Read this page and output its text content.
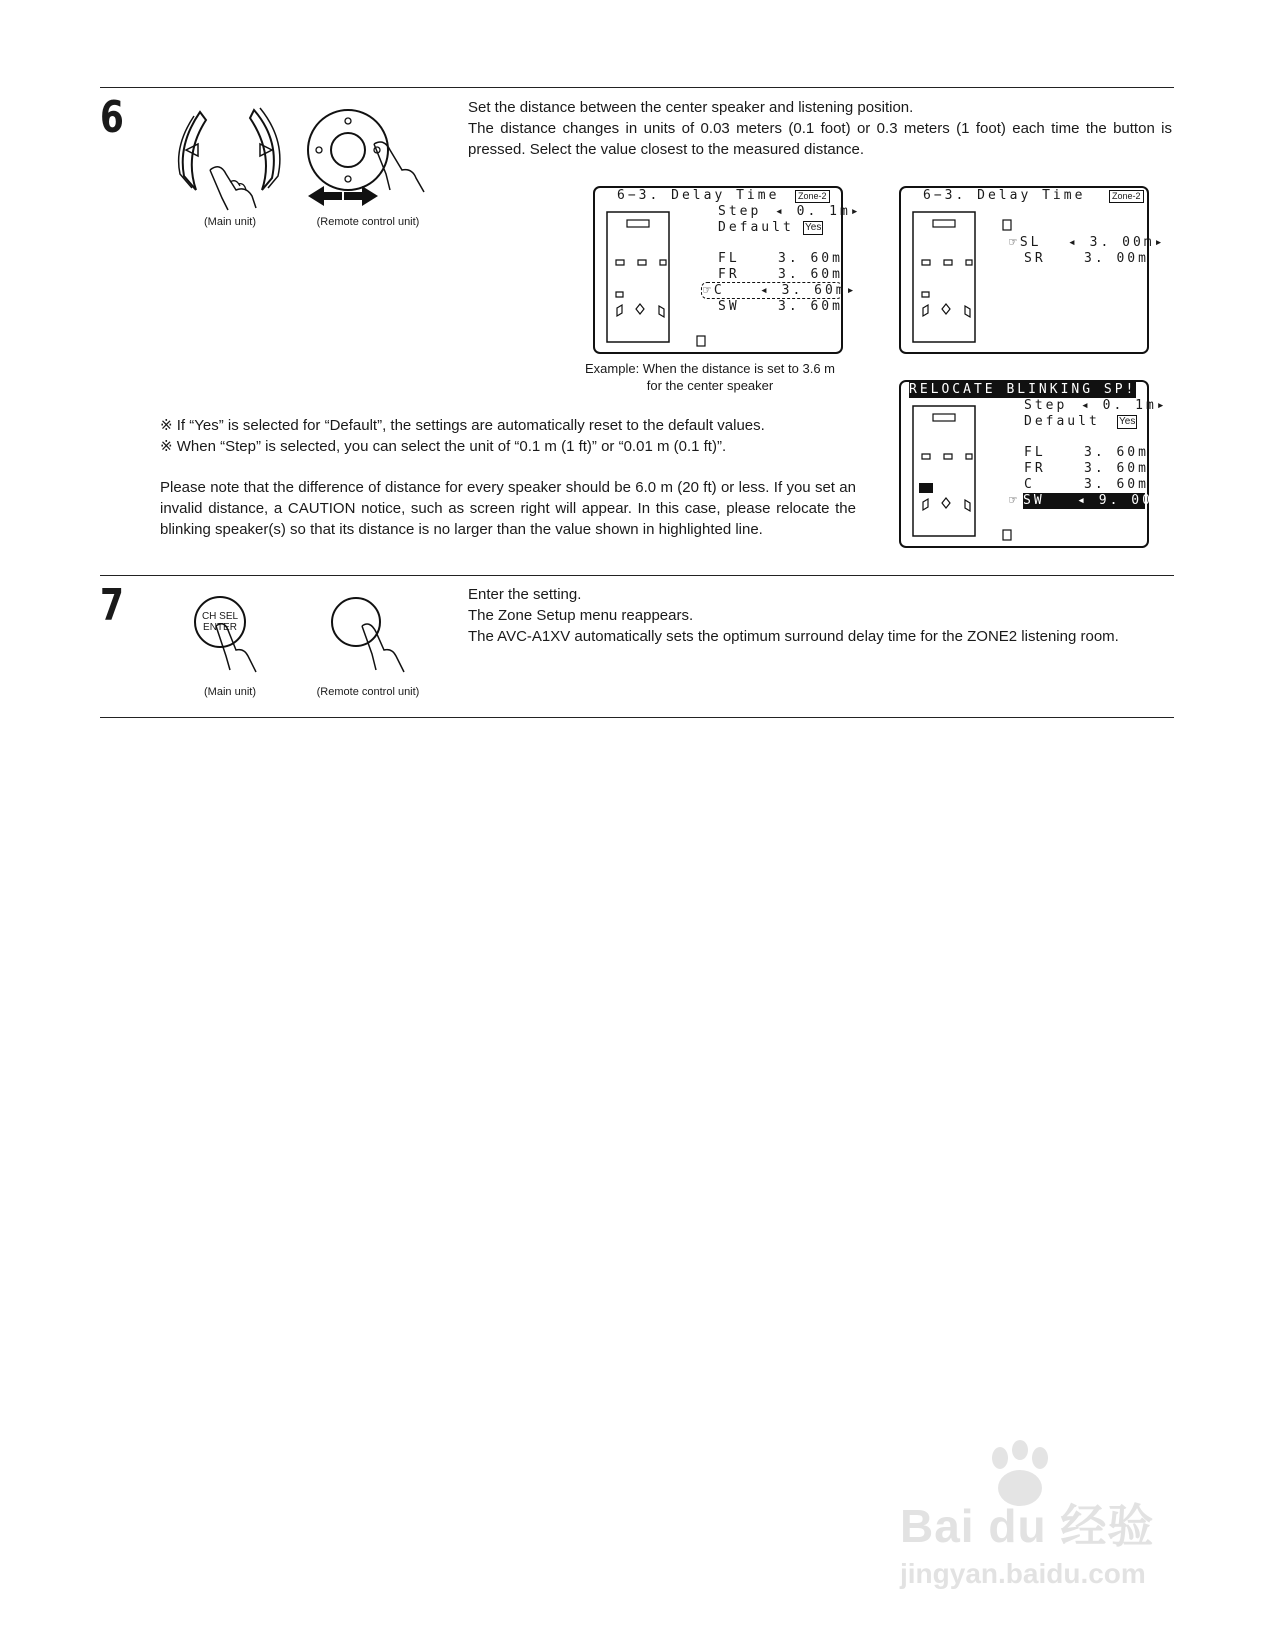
6
(Main unit)	(Remote control unit)

Set the distance between the center speaker and listening position.

The distance changes in units of 0.03 meters (0.1 foot) or 0.3 meters (1 foot) each time the button is pressed. Select the value closest to the measured distance.

6−3. Delay Time	Zone-2
Step ◂ 0. 1m▸
Default Yes
FL	3. 60m
FR	3. 60m
☞C	◂ 3. 60m▸
SW	3. 60m
Example: When the distance is set to 3.6 m
for the center speaker
6−3. Delay Time	Zone-2
☞SL ◂ 3. 00m▸
SR	3. 00m
RELOCATE BLINKING SP!
Step ◂ 0. 1m▸
Default Yes
FL	3. 60m
FR	3. 60m
C	3. 60m
☞ SW   ◂ 9. 00m▸
※ If “Yes” is selected for “Default”, the settings are automatically reset to the default values.
※ When “Step” is selected, you can select the unit of “0.1 m (1 ft)” or “0.01 m (0.1 ft)”.
Please note that the difference of distance for every speaker should be 6.0 m (20 ft) or less. If you set an invalid distance, a CAUTION notice, such as screen right will appear. In this case, please relocate the blinking speaker(s) so that its distance is no larger than the value shown in highlighted line.
7	CH SEL
ENTER
(Main unit)	(Remote control unit)

Enter the setting.

The Zone Setup menu reappears.

The AVC-A1XV automatically sets the optimum surround delay time for the ZONE2 listening room.

Bai du 经验
jingyan.baidu.com
